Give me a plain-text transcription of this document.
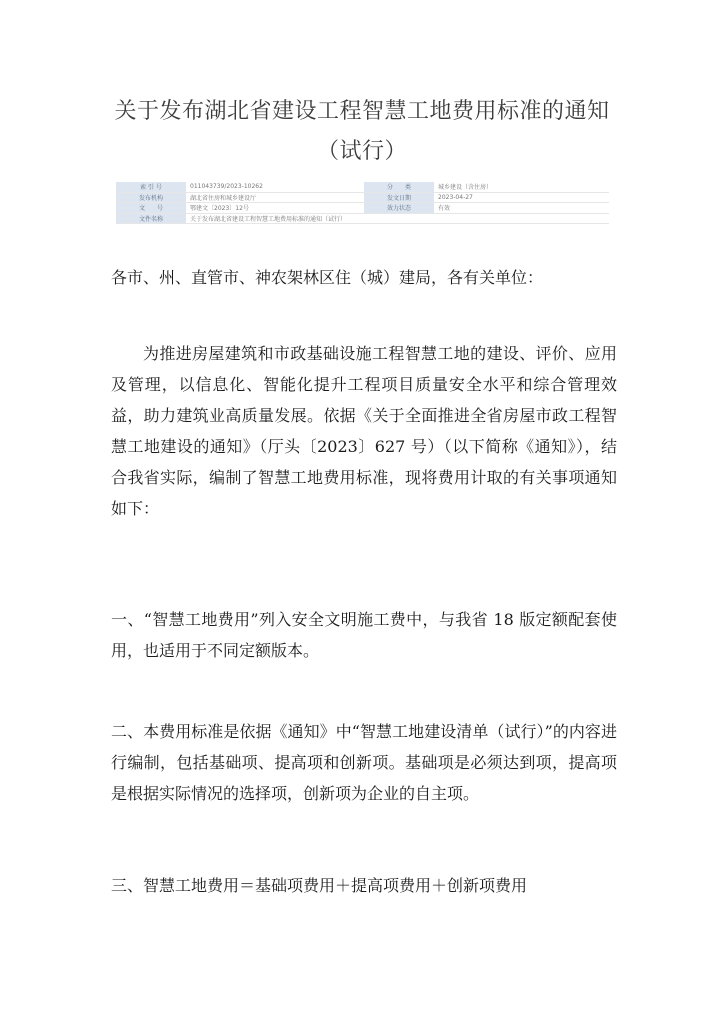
关于发布湖北省建设工程智慧工地费用标准的通知
（试行）
索 引 号	011043739/2023-10262	分　　类	城乡建设（含住房）
发布机构	湖北省住房和城乡建设厅	发文日期	2023-04-27
文　　号	鄂建文〔2023〕12号	效力状态	有效
文件名称	关于发布湖北省建设工程智慧工地费用标准的通知（试行）		

各市、州、直管市、神农架林区住（城）建局，各有关单位：

为推进房屋建筑和市政基础设施工程智慧工地的建设、评价、应用及管理，以信息化、智能化提升工程项目质量安全水平和综合管理效益，助力建筑业高质量发展。依据《关于全面推进全省房屋市政工程智慧工地建设的通知》（厅头〔2023〕627 号）（以下简称《通知》），结合我省实际，编制了智慧工地费用标准，现将费用计取的有关事项通知如下：

一、“智慧工地费用”列入安全文明施工费中，与我省 18 版定额配套使用，也适用于不同定额版本。

二、本费用标准是依据《通知》中“智慧工地建设清单（试行）”的内容进行编制，包括基础项、提高项和创新项。基础项是必须达到项，提高项是根据实际情况的选择项，创新项为企业的自主项。

三、智慧工地费用＝基础项费用＋提高项费用＋创新项费用
